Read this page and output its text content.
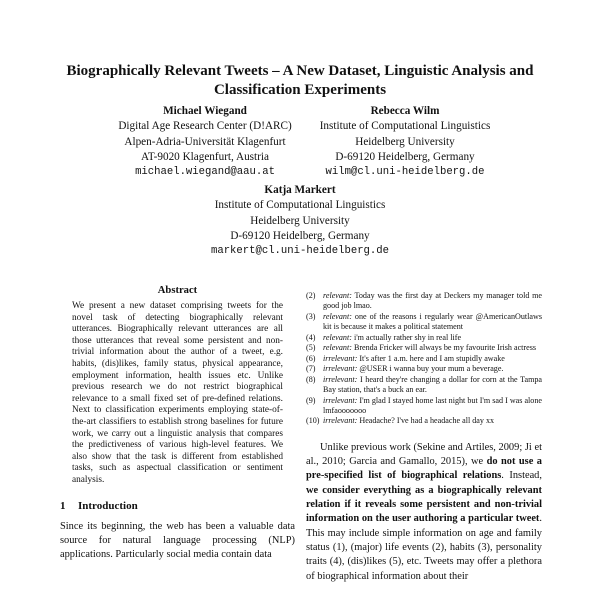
Biographically Relevant Tweets – A New Dataset, Linguistic Analysis and
Classification Experiments
Michael Wiegand
Digital Age Research Center (D!ARC)
Alpen-Adria-Universität Klagenfurt
AT-9020 Klagenfurt, Austria
michael.wiegand@aau.at
Rebecca Wilm
Institute of Computational Linguistics
Heidelberg University
D-69120 Heidelberg, Germany
wilm@cl.uni-heidelberg.de
Katja Markert
Institute of Computational Linguistics
Heidelberg University
D-69120 Heidelberg, Germany
markert@cl.uni-heidelberg.de
Abstract

We present a new dataset comprising tweets for the novel task of detecting biographically relevant utterances. Biographically relevant utterances are all those utterances that reveal some persistent and non-trivial information about the author of a tweet, e.g. habits, (dis)likes, family status, physical appearance, employment information, health issues etc. Unlike previous research we do not restrict biographical relevance to a small fixed set of pre-defined relations. Next to classification experiments employing state-of-the-art classifiers to establish strong baselines for future work, we carry out a linguistic analysis that compares the predictiveness of various high-level features. We also show that the task is different from established tasks, such as aspectual classification or sentiment analysis.

1 Introduction

Since its beginning, the web has been a valuable data source for natural language processing (NLP) applications. Particularly social media contain data

(2) relevant: Today was the first day at Deckers my manager told me good job lmao.
(3) relevant: one of the reasons i regularly wear @AmericanOutlaws kit is because it makes a political statement
(4) relevant: i'm actually rather shy in real life
(5) relevant: Brenda Fricker will always be my favourite Irish actress
(6) irrelevant: It's after 1 a.m. here and I am stupidly awake
(7) irrelevant: @USER i wanna buy your mum a beverage.
(8) irrelevant: I heard they're changing a dollar for corn at the Tampa Bay station, that's a buck an ear.
(9) irrelevant: I'm glad I stayed home last night but I'm sad I was alone lmfaooooooo
(10) irrelevant: Headache? I've had a headache all day xx

Unlike previous work (Sekine and Artiles, 2009; Ji et al., 2010; Garcia and Gamallo, 2015), we do not use a pre-specified list of biographical relations. Instead, we consider everything as a biographically relevant relation if it reveals some persistent and non-trivial information on the user authoring a particular tweet. This may include simple information on age and family status (1), (major) life events (2), habits (3), personality traits (4), (dis)likes (5), etc. Tweets may offer a plethora of biographical information about their
